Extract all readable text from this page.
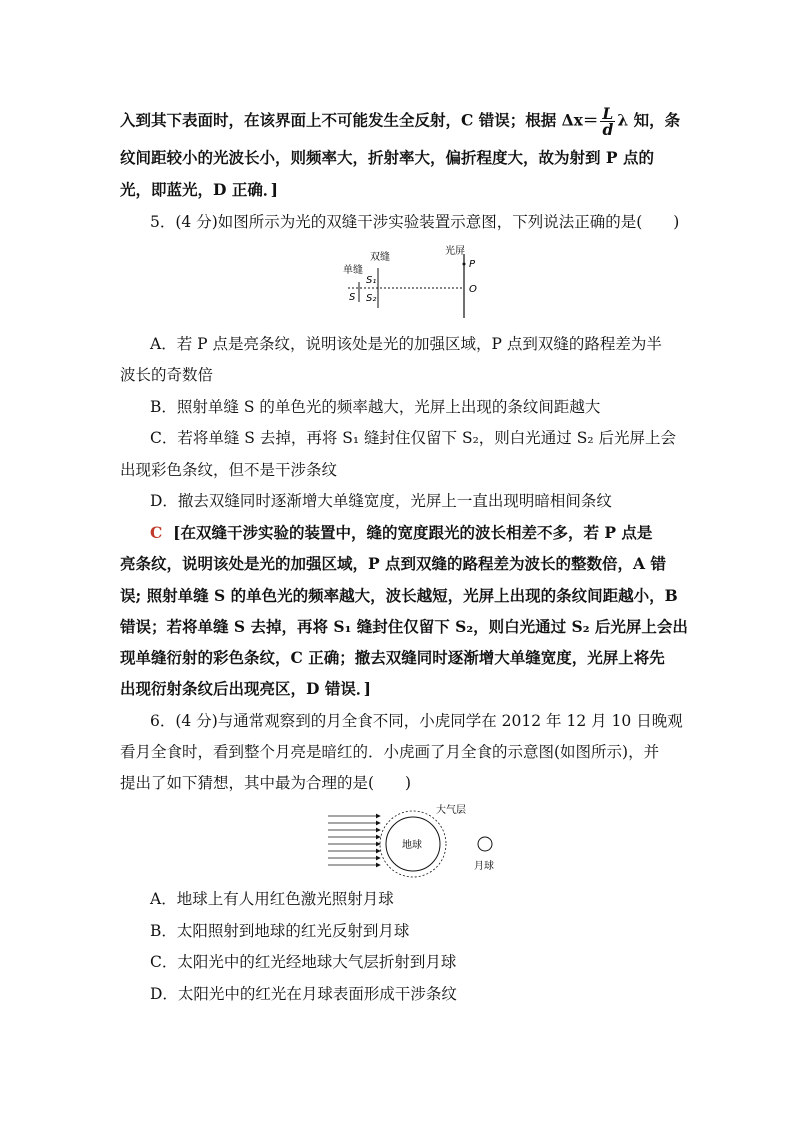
入到其下表面时，在该界面上不可能发生全反射，C 错误；根据 $\Delta x= \frac{L}{d}$ λ 知，条
纹间距较小的光波长小，则频率大，折射率大，偏折程度大，故为射到 P 点的
光，即蓝光，D 正确．]
5．(4 分)如图所示为光的双缝干涉实验装置示意图，下列说法正确的是(　　)
单缝
双缝
光屏
S
S₁
S₂
P
O
A．若 P 点是亮条纹，说明该处是光的加强区域，P 点到双缝的路程差为半
波长的奇数倍
B．照射单缝 S 的单色光的频率越大，光屏上出现的条纹间距越大
C．若将单缝 S 去掉，再将 S₁ 缝封住仅留下 S₂，则白光通过 S₂ 后光屏上会
出现彩色条纹，但不是干涉条纹
D．撤去双缝同时逐渐增大单缝宽度，光屏上一直出现明暗相间条纹
C [在双缝干涉实验的装置中，缝的宽度跟光的波长相差不多，若 P 点是
亮条纹，说明该处是光的加强区域，P 点到双缝的路程差为波长的整数倍，A 错
误; 照射单缝 S 的单色光的频率越大，波长越短，光屏上出现的条纹间距越小，B
错误；若将单缝 S 去掉，再将 S₁ 缝封住仅留下 S₂，则白光通过 S₂ 后光屏上会出
现单缝衍射的彩色条纹，C 正确；撤去双缝同时逐渐增大单缝宽度，光屏上将先
出现衍射条纹后出现亮区，D 错误．]
6．(4 分)与通常观察到的月全食不同，小虎同学在 2012 年 12 月 10 日晚观
看月全食时，看到整个月亮是暗红的．小虎画了月全食的示意图(如图所示)，并
提出了如下猜想，其中最为合理的是(　　)
大气层
地球
月球
A．地球上有人用红色激光照射月球
B．太阳照射到地球的红光反射到月球
C．太阳光中的红光经地球大气层折射到月球
D．太阳光中的红光在月球表面形成干涉条纹
